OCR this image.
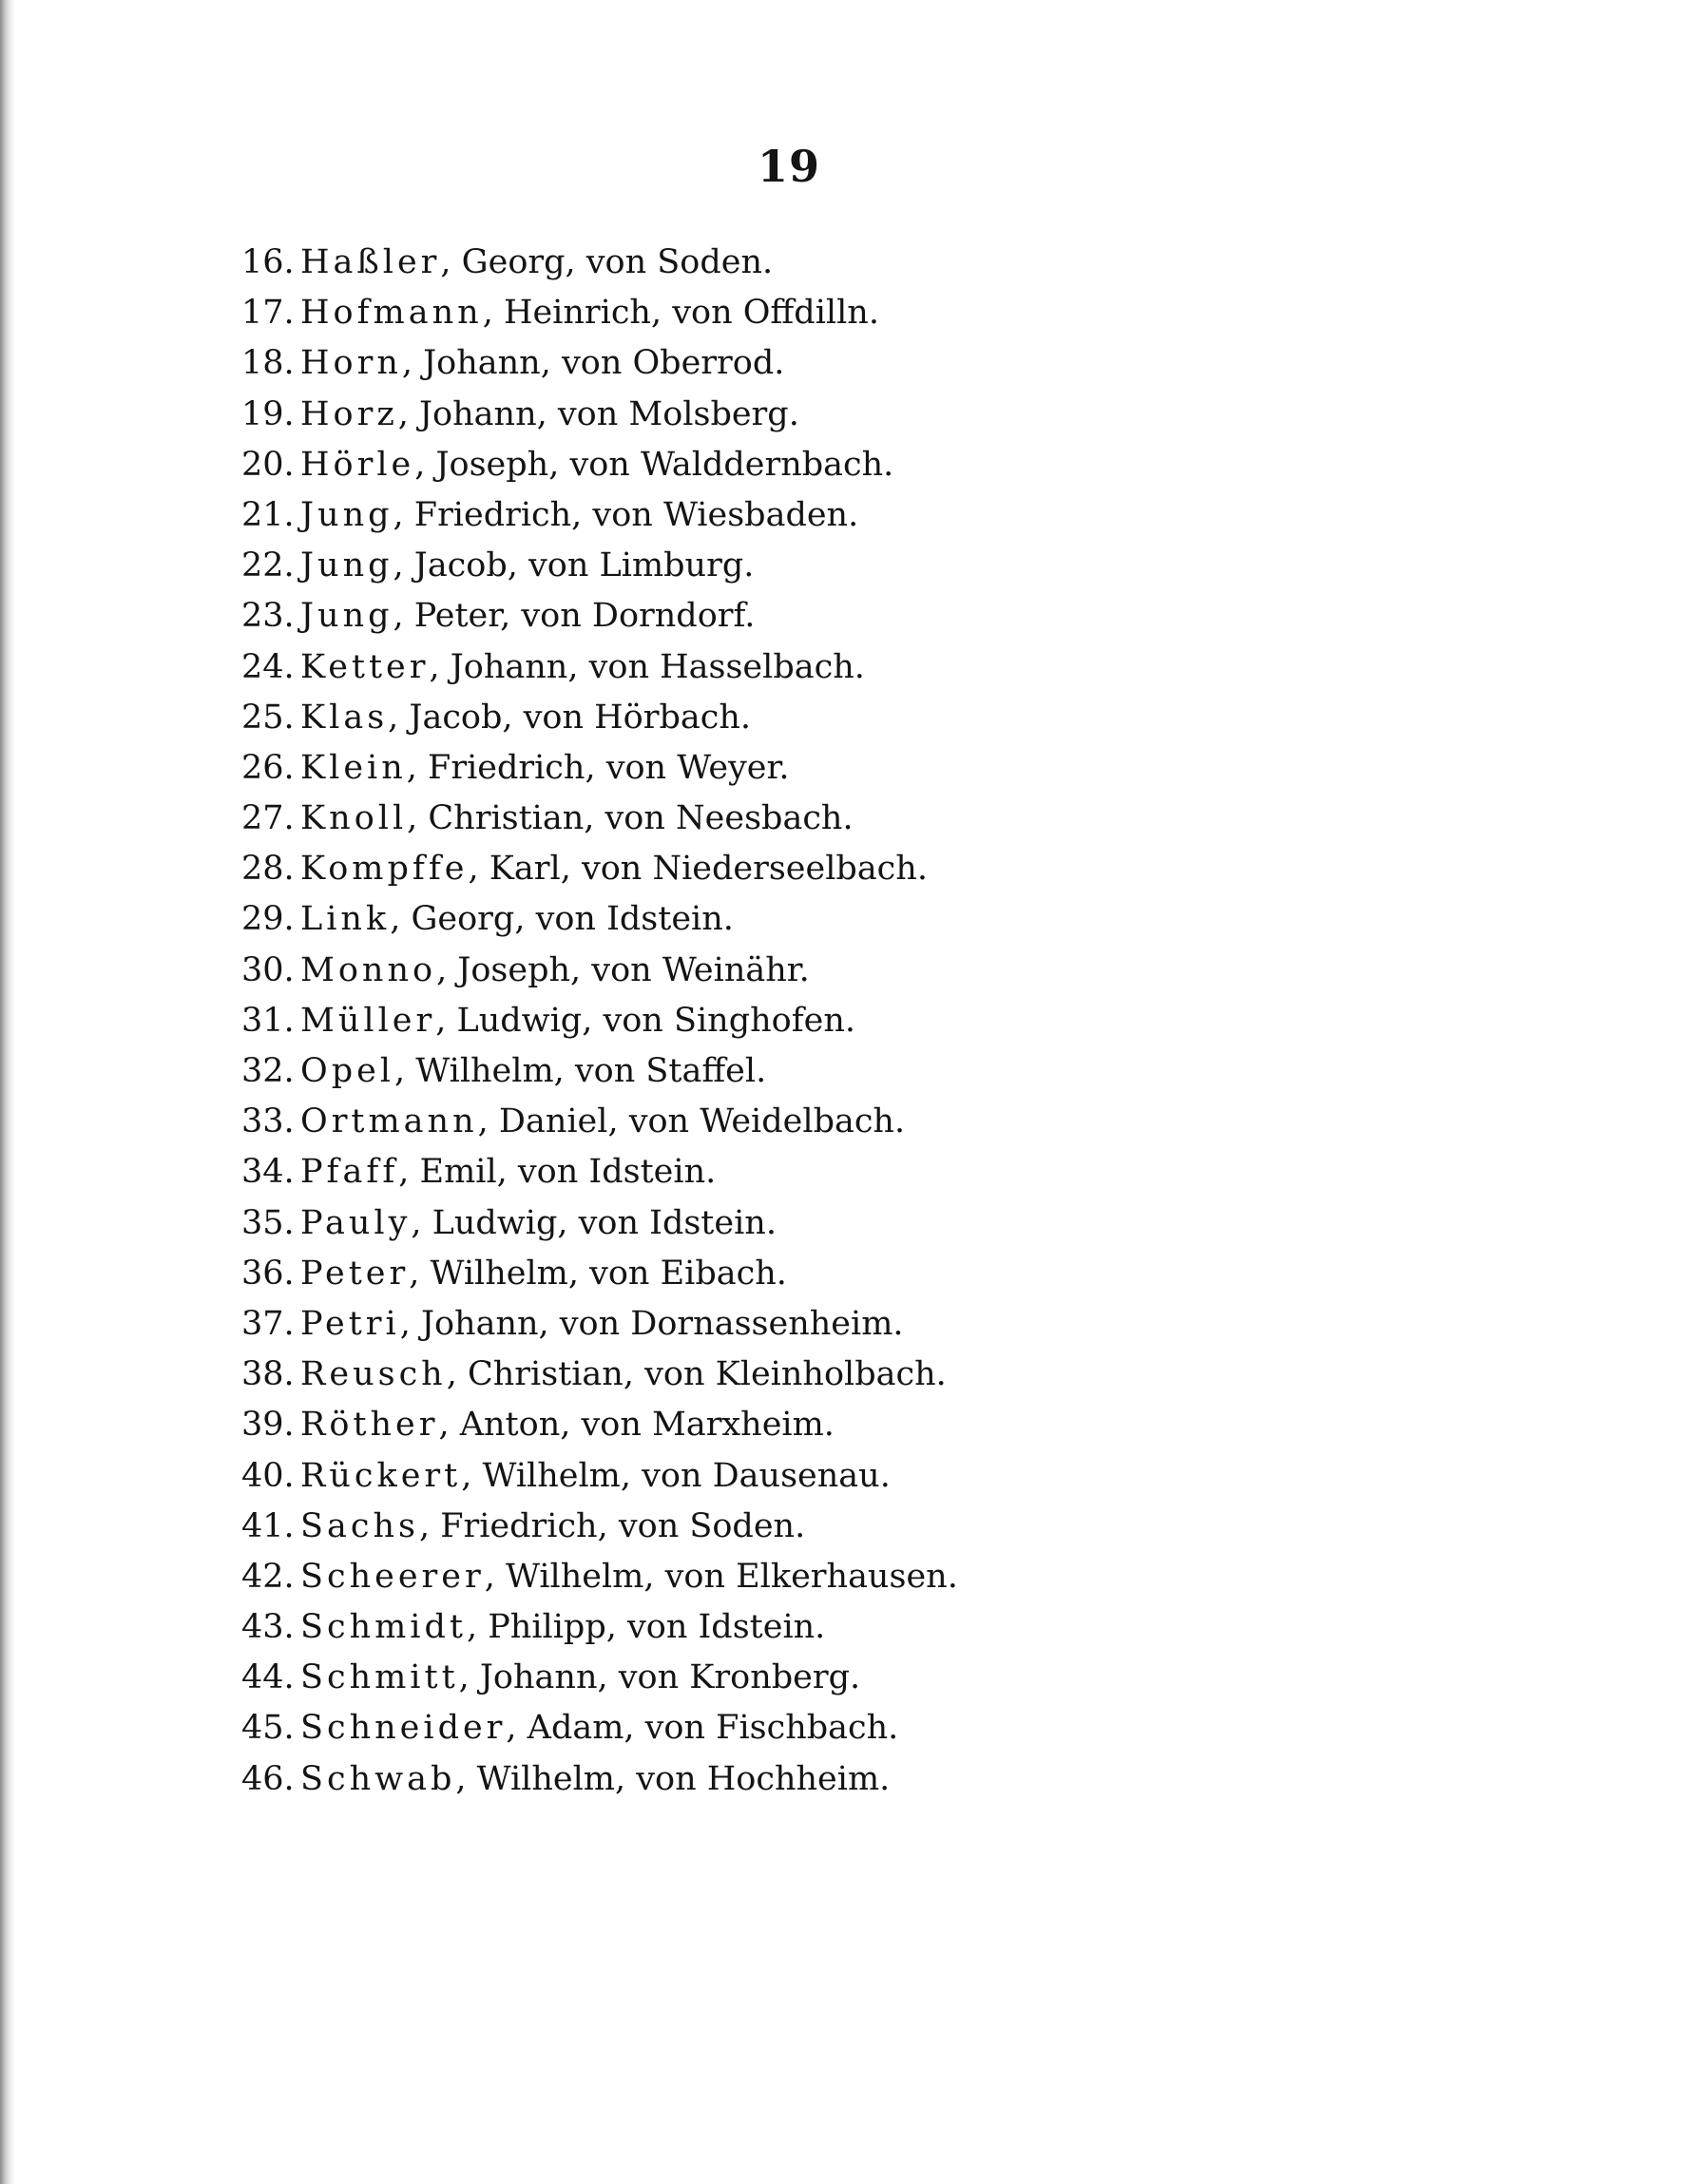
19
16. Haßler, Georg, von Soden.
17. Hofmann, Heinrich, von Offdilln.
18. Horn, Johann, von Oberrod.
19. Horz, Johann, von Molsberg.
20. Hörle, Joseph, von Walddernbach.
21. Jung, Friedrich, von Wiesbaden.
22. Jung, Jacob, von Limburg.
23. Jung, Peter, von Dorndorf.
24. Ketter, Johann, von Hasselbach.
25. Klas, Jacob, von Hörbach.
26. Klein, Friedrich, von Weyer.
27. Knoll, Christian, von Neesbach.
28. Kompffe, Karl, von Niederseelbach.
29. Link, Georg, von Idstein.
30. Monno, Joseph, von Weinähr.
31. Müller, Ludwig, von Singhofen.
32. Opel, Wilhelm, von Staffel.
33. Ortmann, Daniel, von Weidelbach.
34. Pfaff, Emil, von Idstein.
35. Pauly, Ludwig, von Idstein.
36. Peter, Wilhelm, von Eibach.
37. Petri, Johann, von Dornassenheim.
38. Reusch, Christian, von Kleinholbach.
39. Röther, Anton, von Marxheim.
40. Rückert, Wilhelm, von Dausenau.
41. Sachs, Friedrich, von Soden.
42. Scheerer, Wilhelm, von Elkerhausen.
43. Schmidt, Philipp, von Idstein.
44. Schmitt, Johann, von Kronberg.
45. Schneider, Adam, von Fischbach.
46. Schwab, Wilhelm, von Hochheim.
